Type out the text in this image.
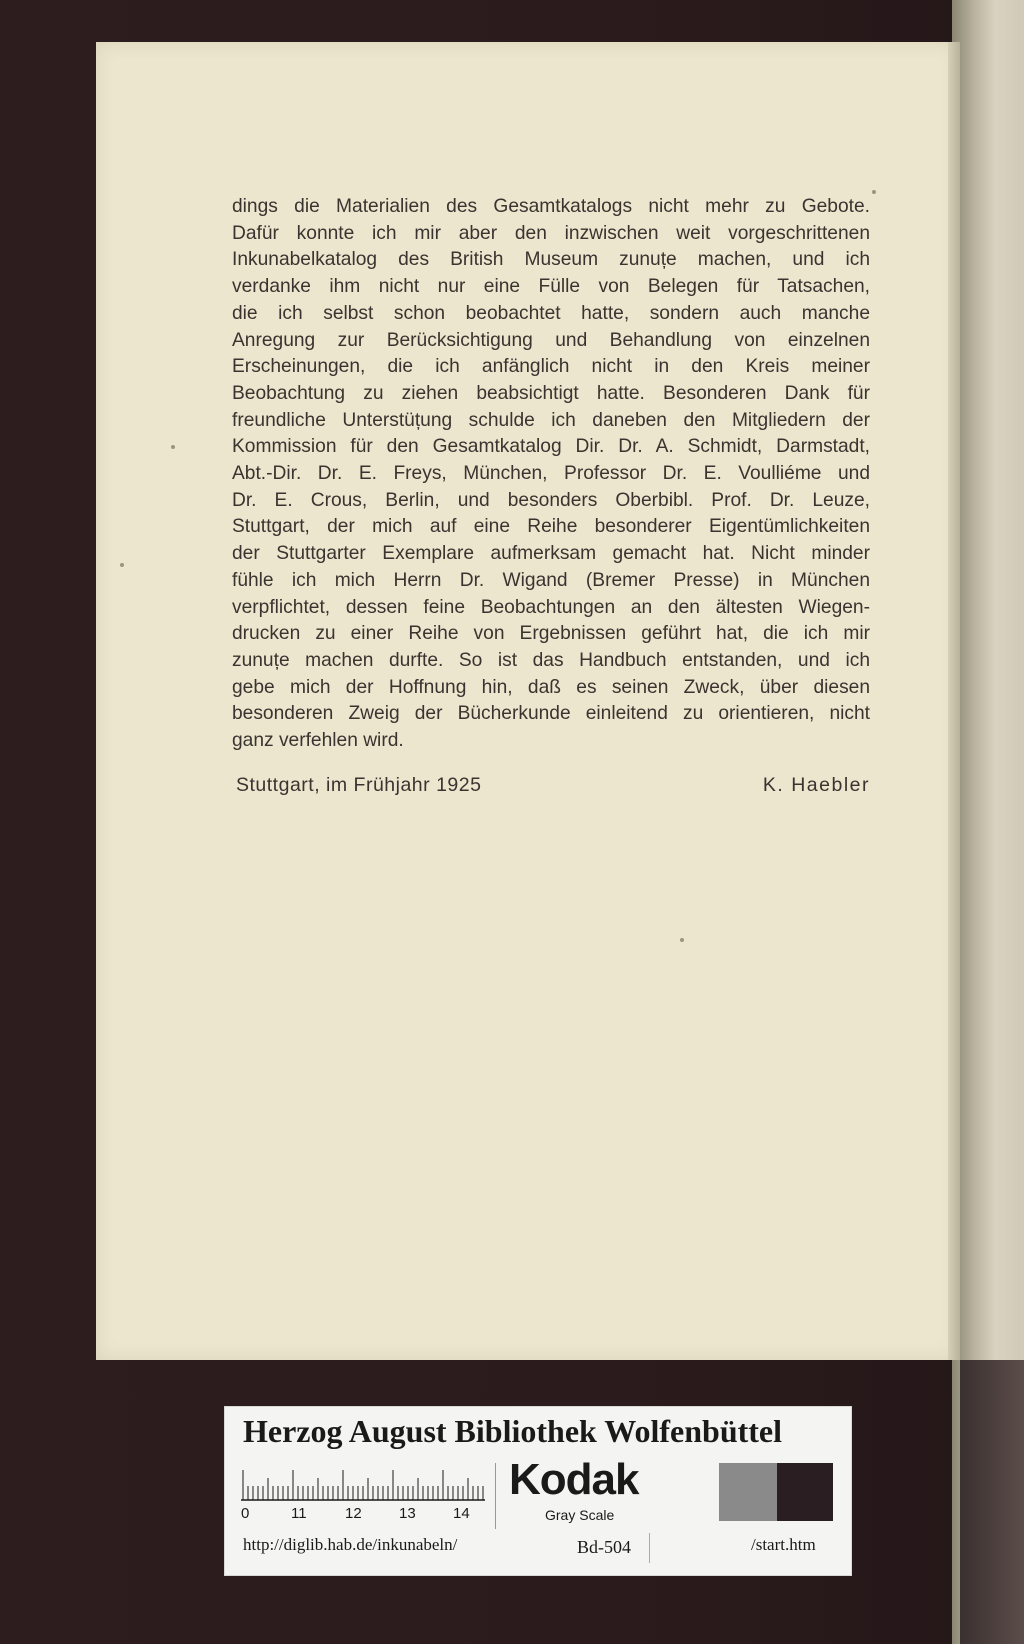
dings die Materialien des Gesamtkatalogs nicht mehr zu Gebote.
Dafür konnte ich mir aber den inzwischen weit vorgeschrittenen
Inkunabelkatalog des British Museum zunuțe machen, und ich
verdanke ihm nicht nur eine Fülle von Belegen für Tatsachen,
die ich selbst schon beobachtet hatte, sondern auch manche
Anregung zur Berücksichtigung und Behandlung von einzelnen
Erscheinungen, die ich anfänglich nicht in den Kreis meiner
Beobachtung zu ziehen beabsichtigt hatte. Besonderen Dank für
freundliche Unterstüțung schulde ich daneben den Mitgliedern der
Kommission für den Gesamtkatalog Dir. Dr. A. Schmidt, Darmstadt,
Abt.-Dir. Dr. E. Freys, München, Professor Dr. E. Voulliéme und
Dr. E. Crous, Berlin, und besonders Oberbibl. Prof. Dr. Leuze,
Stuttgart, der mich auf eine Reihe besonderer Eigentümlichkeiten
der Stuttgarter Exemplare aufmerksam gemacht hat. Nicht minder
fühle ich mich Herrn Dr. Wigand (Bremer Presse) in München
verpflichtet, dessen feine Beobachtungen an den ältesten Wiegen-
drucken zu einer Reihe von Ergebnissen geführt hat, die ich mir
zunuțe machen durfte. So ist das Handbuch entstanden, und ich
gebe mich der Hoffnung hin, daß es seinen Zweck, über diesen
besonderen Zweig der Bücherkunde einleitend zu orientieren, nicht
ganz verfehlen wird.
Stuttgart, im Frühjahr 1925	K. Haebler
Herzog August Bibliothek Wolfenbüttel
0	11	12 13 14
Kodak
Gray Scale
http://diglib.hab.de/inkunabeln/	Bd-504	/start.htm
